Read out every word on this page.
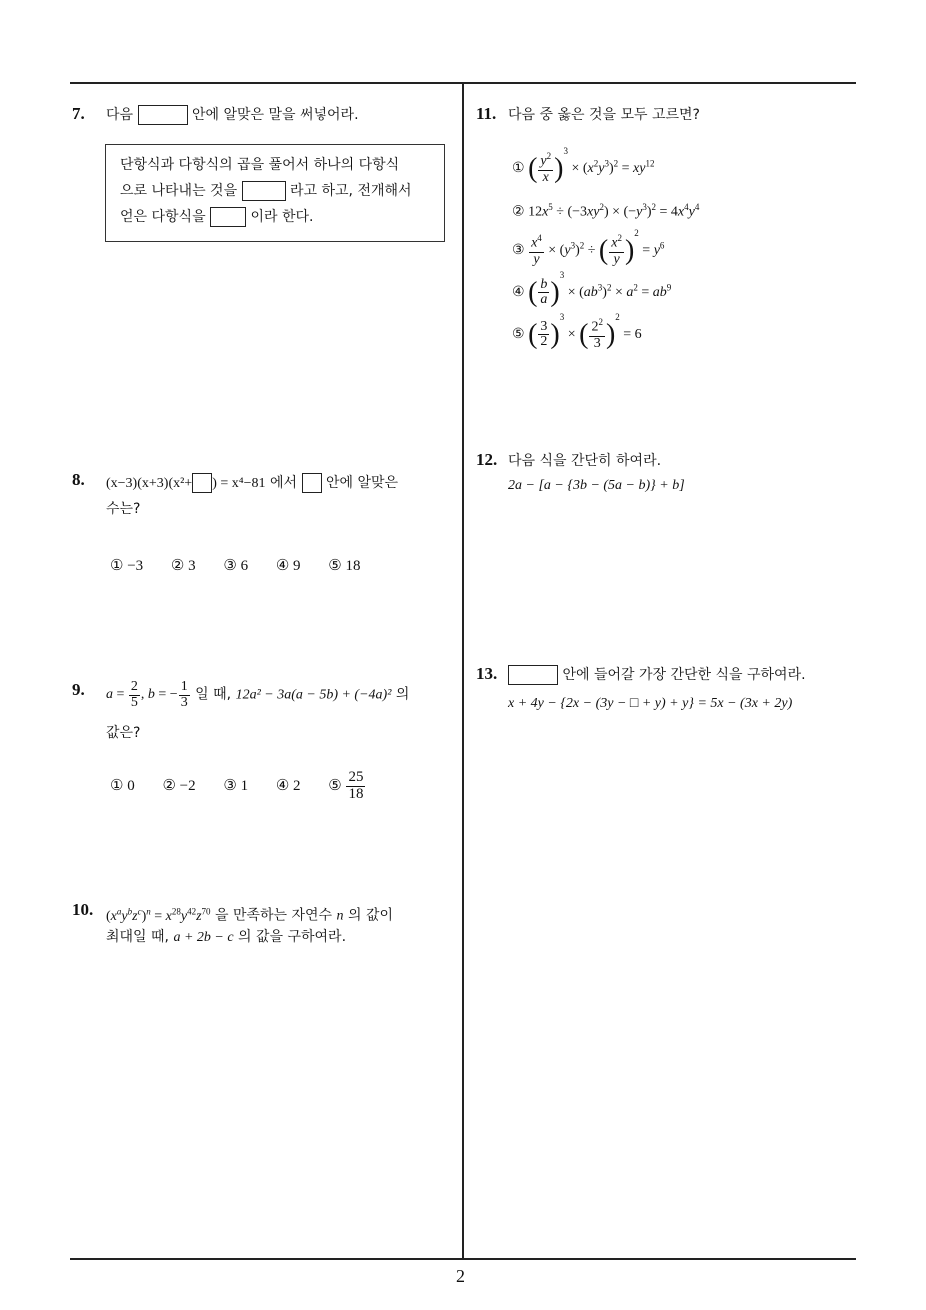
7. 다음	안에 알맞은 말을 써넣어라.
단항식과 다항식의 곱을 풀어서 하나의 다항식
으로 나타내는 것을	라고 하고, 전개해서
얻은 다항식을	이라 한다.
8. (x−3)(x+3)(x²+ ) = x⁴−81 에서 안에 알맞은
수는?
① −3 ② 3 ③ 6 ④ 9 ⑤ 18
9. $a = \frac{2}{5}$ , b = − $\frac{1}{3}$ 일 때, 12a² − 3a(a − 5b) + (−4a)² 의
값은?
① 0 ② −2 ③ 1 ④ 2 ⑤ $\frac{25}{18}$
10. $(x^ay^bz^c)^n = x^{28}y^{42}z^{70}$ 을 만족하는 자연수 n 의 값이
최대일 때, a + 2b − c 의 값을 구하여라.
11. 다음 중 옳은 것을 모두 고르면?
① ( $\frac{y^2}{x} )^3 \times (x^2y^3)^2 = xy^{12}$
② $12x^5 \div (-3xy^2) \times (-y^3)^2 = 4x^4y^4$
③ $\frac{x^4}{y} \times (y^3)^2$ ÷ ( $\frac{x^2}{y} )^2 = y^6$
④ ( $\frac{b}{a} )^3 \times (ab^3)^2 \times a^2 = ab^9$
⑤ ( $\frac{3}{2} )^3$ × ( $\frac{2^2}{3} )^2 = 6$
12. 다음 식을 간단히 하여라.
2a − [a − {3b − (5a − b)} + b]
13.	안에 들어갈 가장 간단한 식을 구하여라.
x + 4y − {2x − (3y − □ + y) + y} = 5x − (3x + 2y)
2
